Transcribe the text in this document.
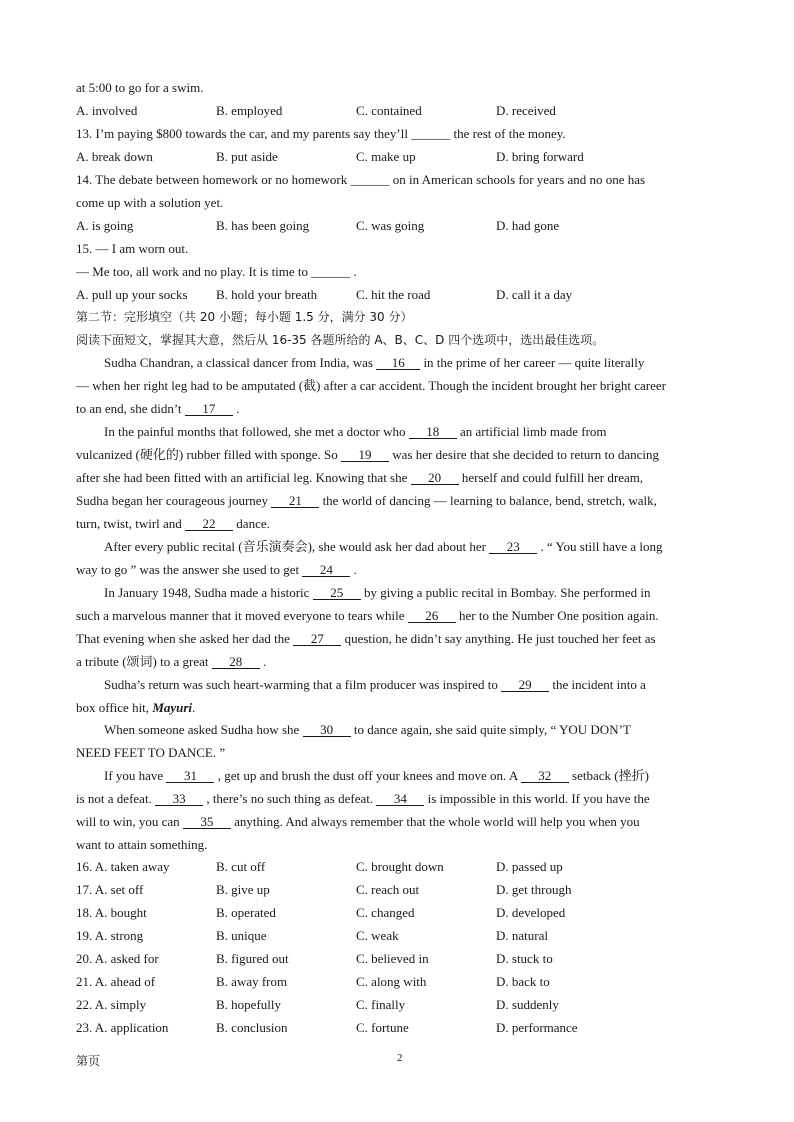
at 5:00 to go for a swim.
A. involved	B. employed	C. contained	D. received
13. I’m paying $800 towards the car, and my parents say they’ll ______ the rest of the money.
A. break down	B. put aside	C. make up	D. bring forward
14. The debate between homework or no homework ______ on in American schools for years and no one has
come up with a solution yet.
A. is going	B. has been going	C. was going	D. had gone
15. — I am worn out.
— Me too, all work and no play. It is time to ______ .
A. pull up your socks B. hold your breath	C. hit the road	D. call it a day
第二节：完形填空（共 20 小题；每小题 1.5 分，满分 30 分）
阅读下面短文，掌握其大意，然后从 16-35 各题所给的 A、B、C、D 四个选项中，选出最佳选项。
Sudha Chandran, a classical dancer from India, was 16 in the prime of her career — quite literally
— when her right leg had to be amputated (截) after a car accident. Though the incident brought her bright career
to an end, she didn’t 17 .
In the painful months that followed, she met a doctor who 18 an artificial limb made from
vulcanized (硬化的) rubber filled with sponge. So 19 was her desire that she decided to return to dancing
after she had been fitted with an artificial leg. Knowing that she 20 herself and could fulfill her dream,
Sudha began her courageous journey 21 the world of dancing — learning to balance, bend, stretch, walk,
turn, twist, twirl and 22 dance.
After every public recital (音乐演奏会), she would ask her dad about her 23 . “ You still have a long
way to go ” was the answer she used to get 24 .
In January 1948, Sudha made a historic 25 by giving a public recital in Bombay. She performed in
such a marvelous manner that it moved everyone to tears while 26 her to the Number One position again.
That evening when she asked her dad the 27 question, he didn’t say anything. He just touched her feet as
a tribute (颂词) to a great 28 .
Sudha’s return was such heart-warming that a film producer was inspired to 29 the incident into a
box office hit, Mayuri.
When someone asked Sudha how she 30 to dance again, she said quite simply, “ YOU DON’T
NEED FEET TO DANCE. ”
If you have 31 , get up and brush the dust off your knees and move on. A 32 setback (挫折)
is not a defeat. 33 , there’s no such thing as defeat. 34 is impossible in this world. If you have the
will to win, you can 35 anything. And always remember that the whole world will help you when you
want to attain something.
16. A. taken away	B. cut off	C. brought down	D. passed up
17. A. set off	B. give up	C. reach out	D. get through
18. A. bought	B. operated	C. changed	D. developed
19. A. strong	B. unique	C. weak	D. natural
20. A. asked for	B. figured out	C. believed in	D. stuck to
21. A. ahead of	B. away from	C. along with	D. back to
22. A. simply	B. hopefully	C. finally	D. suddenly
23. A. application	B. conclusion	C. fortune	D. performance
第页	2
